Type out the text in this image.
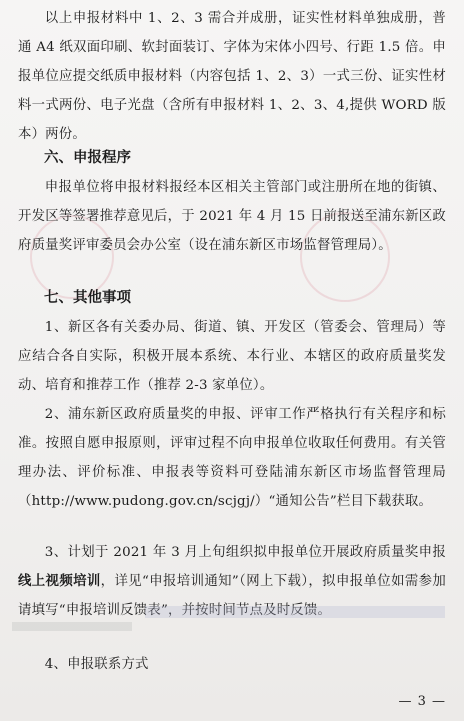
以上申报材料中 1、2、3 需合并成册，证实性材料单独成册，普通 A4 纸双面印刷、软封面装订、字体为宋体小四号、行距 1.5 倍。申报单位应提交纸质申报材料（内容包括 1、2、3）一式三份、证实性材料一式两份、电子光盘（含所有申报材料 1、2、3、4,提供 WORD 版本）两份。

六、申报程序

申报单位将申报材料报经本区相关主管部门或注册所在地的街镇、开发区等签署推荐意见后，于 2021 年 4 月 15 日前报送至浦东新区政府质量奖评审委员会办公室（设在浦东新区市场监督管理局）。

七、其他事项

1、新区各有关委办局、街道、镇、开发区（管委会、管理局）等应结合各自实际，积极开展本系统、本行业、本辖区的政府质量奖发动、培育和推荐工作（推荐 2-3 家单位）。

2、浦东新区政府质量奖的申报、评审工作严格执行有关程序和标准。按照自愿申报原则，评审过程不向申报单位收取任何费用。有关管理办法、评价标准、申报表等资料可登陆浦东新区市场监督管理局（http://www.pudong.gov.cn/scjgj/）“通知公告”栏目下载获取。

3、计划于 2021 年 3 月上旬组织拟申报单位开展政府质量奖申报线上视频培训，详见“申报培训通知”（网上下载），拟申报单位如需参加请填写“申报培训反馈表”，并按时间节点及时反馈。

4、申报联系方式

— 3 —
